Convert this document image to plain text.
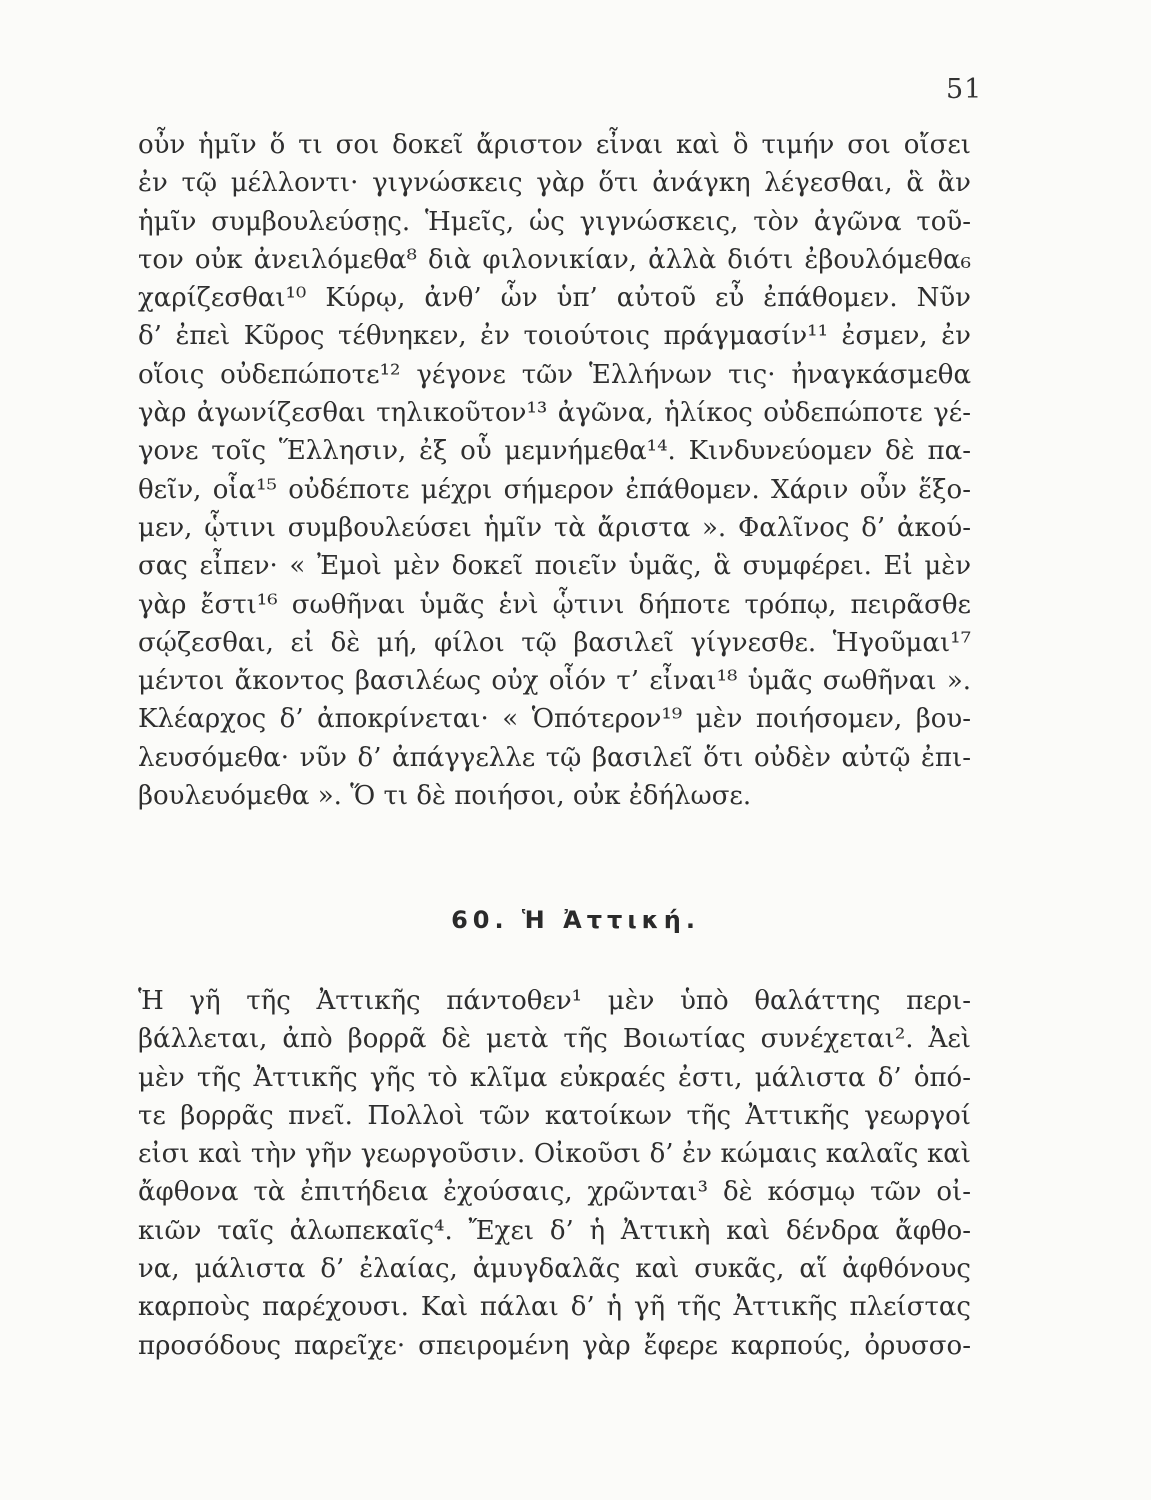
51
οὖν ἡμῖν ὅ τι σοι δοκεῖ ἄριστον εἶναι καὶ ὃ τιμήν σοι οἴσει
ἐν τῷ μέλλοντι· γιγνώσκεις γὰρ ὅτι ἀνάγκη λέγεσθαι, ἃ ἂν
ἡμῖν συμβουλεύσῃς. Ἡμεῖς, ὡς γιγνώσκεις, τὸν ἀγῶνα τοῦ-
τον οὐκ ἀνειλόμεθα⁸ διὰ φιλονικίαν, ἀλλὰ διότι ἐβουλόμεθα₆
χαρίζεσθαι¹⁰ Κύρῳ, ἀνθ’ ὧν ὑπ’ αὐτοῦ εὖ ἐπάθομεν. Νῦν
δ’ ἐπεὶ Κῦρος τέθνηκεν, ἐν τοιούτοις πράγμασίν¹¹ ἐσμεν, ἐν
οἵοις οὐδεπώποτε¹² γέγονε τῶν Ἑλλήνων τις· ἠναγκάσμεθα
γὰρ ἀγωνίζεσθαι τηλικοῦτον¹³ ἀγῶνα, ἡλίκος οὐδεπώποτε γέ-
γονε τοῖς Ἕλλησιν, ἐξ οὗ μεμνήμεθα¹⁴. Κινδυνεύομεν δὲ πα-
θεῖν, οἷα¹⁵ οὐδέποτε μέχρι σήμερον ἐπάθομεν. Χάριν οὖν ἕξο-
μεν, ᾧτινι συμβουλεύσει ἡμῖν τὰ ἄριστα ». Φαλῖνος δ’ ἀκού-
σας εἶπεν· « Ἐμοὶ μὲν δοκεῖ ποιεῖν ὑμᾶς, ἃ συμφέρει. Εἰ μὲν
γὰρ ἔστι¹⁶ σωθῆναι ὑμᾶς ἑνὶ ᾧτινι δήποτε τρόπῳ, πειρᾶσθε
σῴζεσθαι, εἰ δὲ μή, φίλοι τῷ βασιλεῖ γίγνεσθε. Ἡγοῦμαι¹⁷
μέντοι ἄκοντος βασιλέως οὐχ οἷόν τ’ εἶναι¹⁸ ὑμᾶς σωθῆναι ».
Κλέαρχος δ’ ἀποκρίνεται· « Ὁπότερον¹⁹ μὲν ποιήσομεν, βου-
λευσόμεθα· νῦν δ’ ἀπάγγελλε τῷ βασιλεῖ ὅτι οὐδὲν αὐτῷ ἐπι-
βουλευόμεθα ». Ὅ τι δὲ ποιήσοι, οὐκ ἐδήλωσε.
60. Ἡ Ἀττική.
Ἡ γῆ τῆς Ἀττικῆς πάντοθεν¹ μὲν ὑπὸ θαλάττης περι-
βάλλεται, ἀπὸ βορρᾶ δὲ μετὰ τῆς Βοιωτίας συνέχεται². Ἀεὶ
μὲν τῆς Ἀττικῆς γῆς τὸ κλῖμα εὐκραές ἐστι, μάλιστα δ’ ὁπό-
τε βορρᾶς πνεῖ. Πολλοὶ τῶν κατοίκων τῆς Ἀττικῆς γεωργοί
εἰσι καὶ τὴν γῆν γεωργοῦσιν. Οἰκοῦσι δ’ ἐν κώμαις καλαῖς καὶ
ἄφθονα τὰ ἐπιτήδεια ἐχούσαις, χρῶνται³ δὲ κόσμῳ τῶν οἰ-
κιῶν ταῖς ἀλωπεκαῖς⁴. Ἔχει δ’ ἡ Ἀττικὴ καὶ δένδρα ἄφθο-
να, μάλιστα δ’ ἐλαίας, ἀμυγδαλᾶς καὶ συκᾶς, αἵ ἀφθόνους
καρποὺς παρέχουσι. Καὶ πάλαι δ’ ἡ γῆ τῆς Ἀττικῆς πλείστας
προσόδους παρεῖχε· σπειρομένη γὰρ ἔφερε καρπούς, ὀρυσσο-
